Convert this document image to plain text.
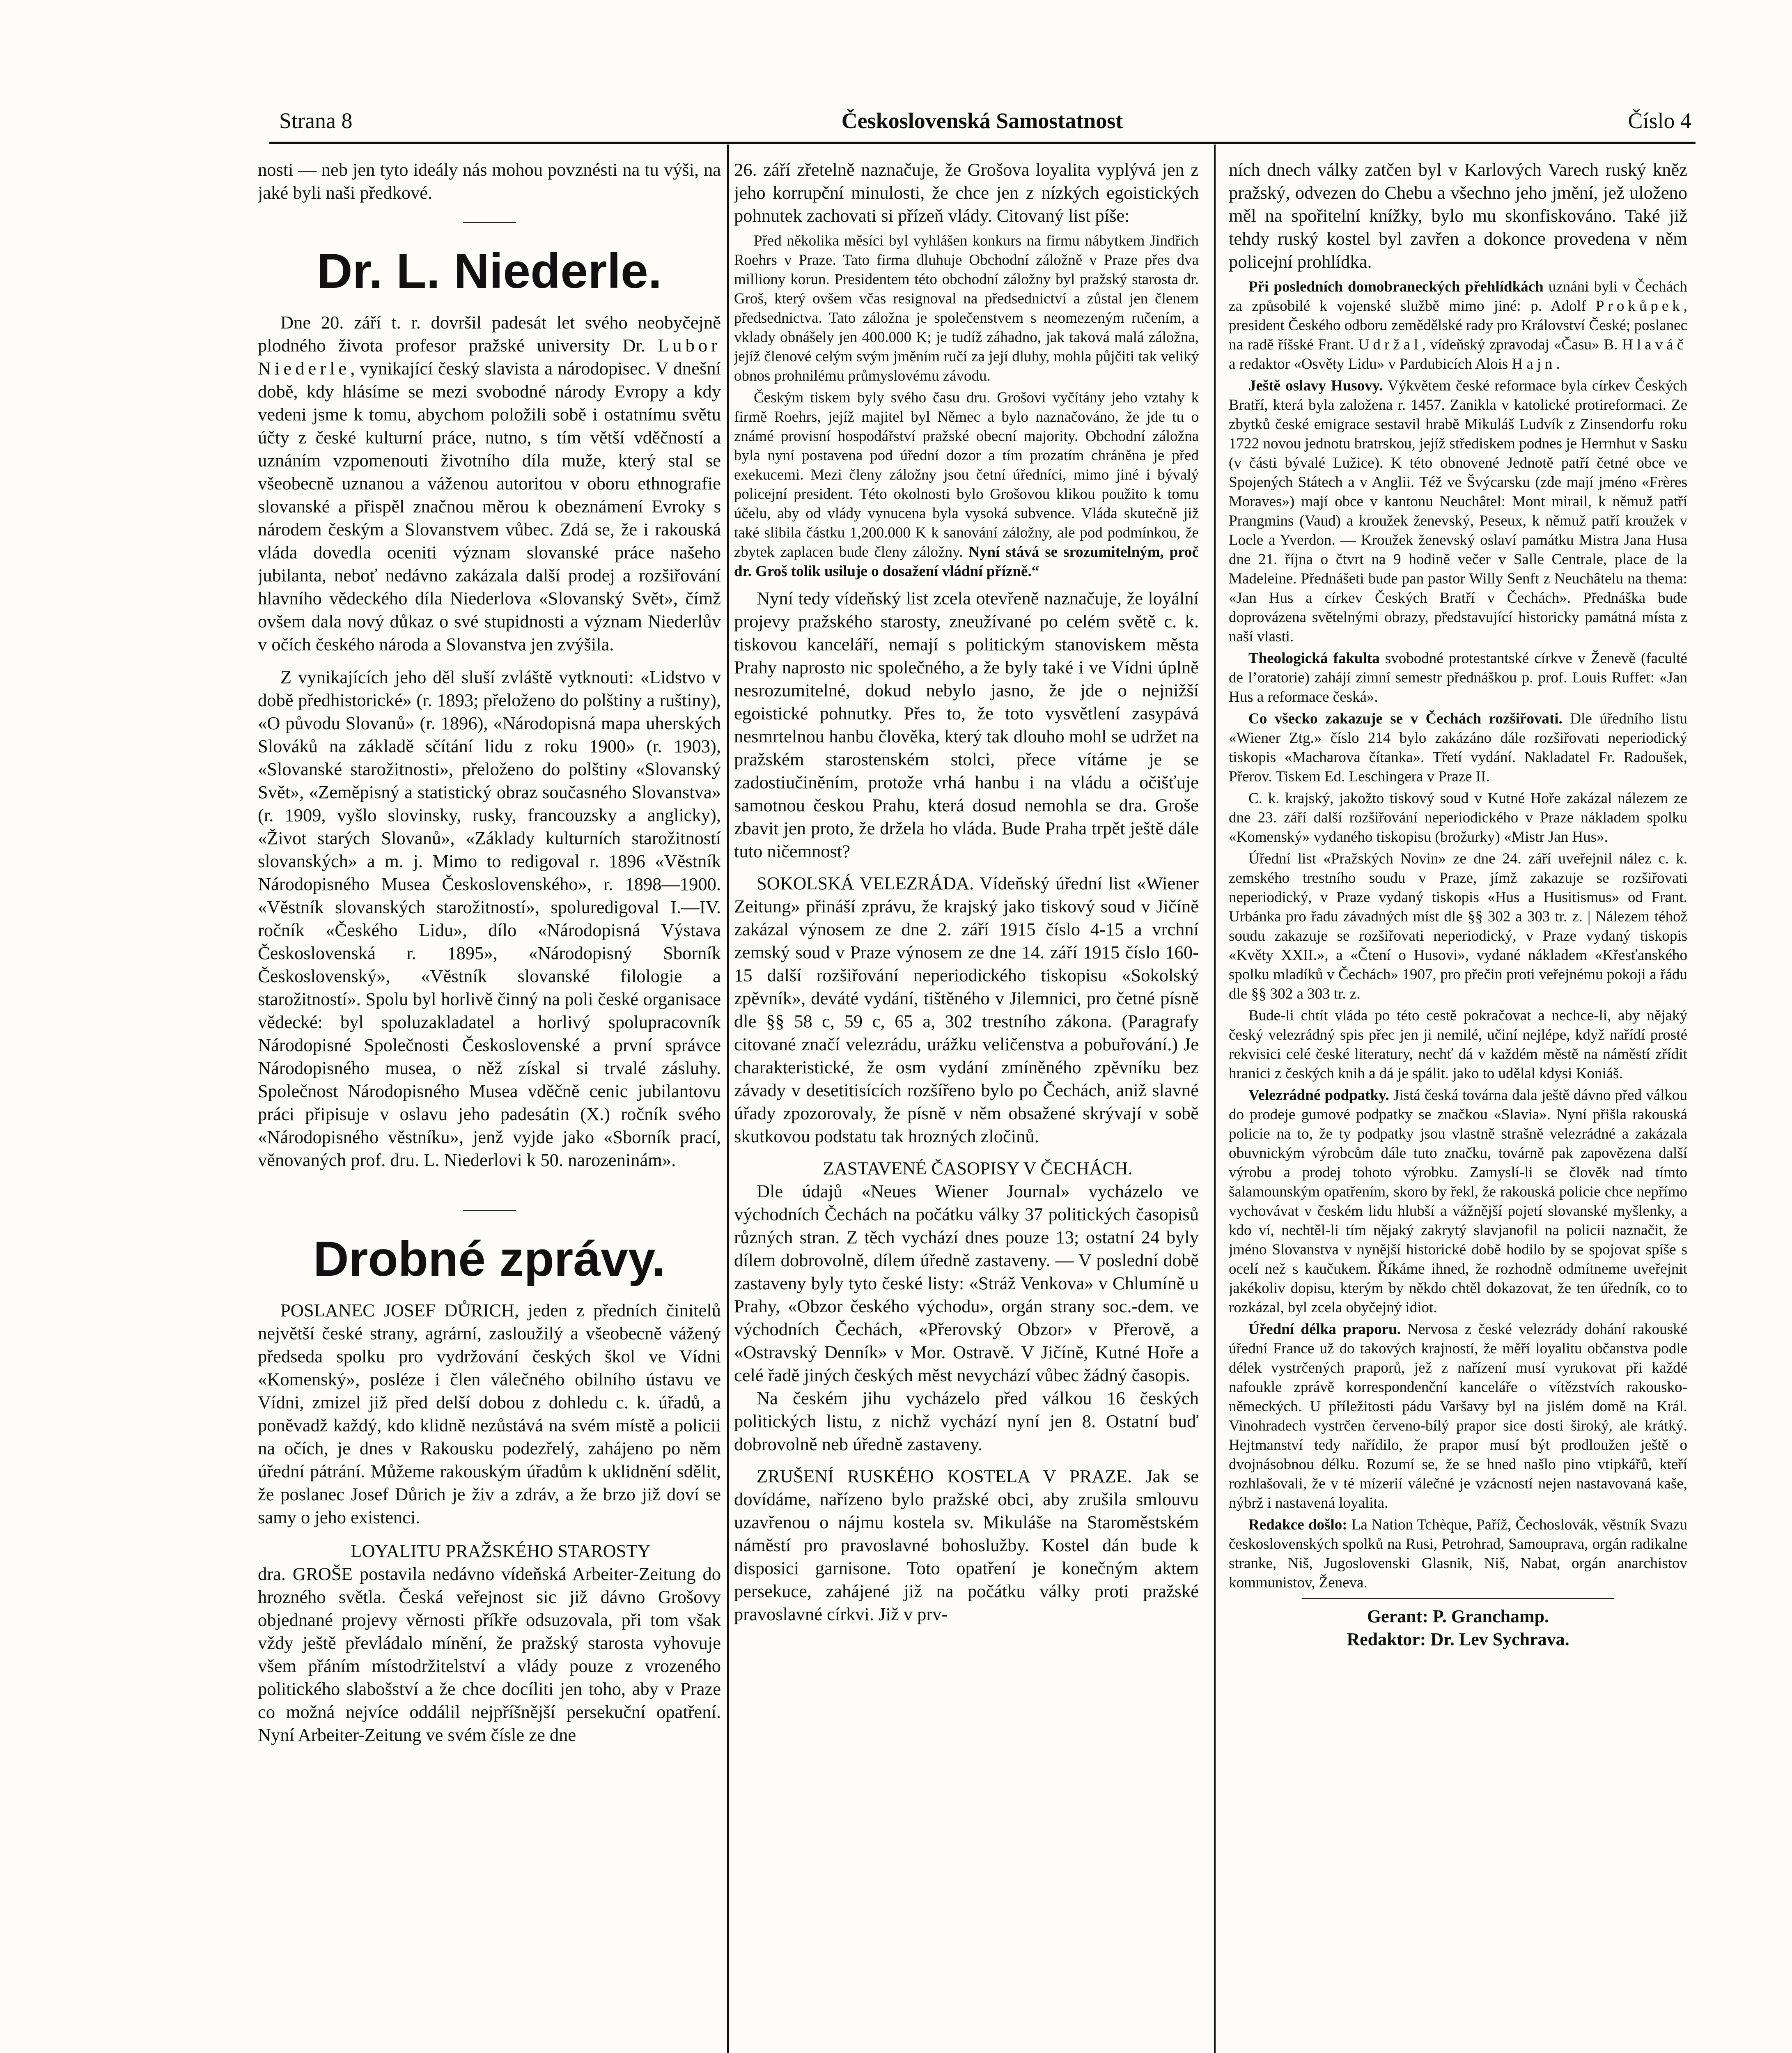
Strana 8	Československá Samostatnost	Číslo 4

nosti — neb jen tyto ideály nás mohou povznésti na tu výši, na jaké byli naši předkové.

Dr. L. Niederle.

Dne 20. září t. r. dovršil padesát let svého neobyčejně plodného života profesor pražské university Dr. Lubor Niederle, vynikající český slavista a národopisec. V dnešní době, kdy hlásíme se mezi svobodné národy Evropy a kdy vedeni jsme k tomu, abychom položili sobě i ostatnímu světu účty z české kulturní práce, nutno, s tím větší vděčností a uznáním vzpomenouti životního díla muže, který stal se všeobecně uznanou a váženou autoritou v oboru ethnografie slovanské a přispěl značnou měrou k obeznámení Evroky s národem českým a Slovanstvem vůbec. Zdá se, že i rakouská vláda dovedla oceniti význam slovanské práce našeho jubilanta, neboť nedávno zakázala další prodej a rozšiřování hlavního vědeckého díla Niederlova «Slovanský Svět», čímž ovšem dala nový důkaz o své stupidnosti a význam Niederlův v očích českého národa a Slovanstva jen zvýšila.

Z vynikajících jeho děl sluší zvláště vytknouti: «Lidstvo v době předhistorické» (r. 1893; přeloženo do polštiny a ruštiny), «O původu Slovanů» (r. 1896), «Národopisná mapa uherských Slováků na základě sčítání lidu z roku 1900» (r. 1903), «Slovanské starožitnosti», přeloženo do polštiny «Slovanský Svět», «Zeměpisný a statistický obraz současného Slovanstva» (r. 1909, vyšlo slovinsky, rusky, francouzsky a anglicky), «Život starých Slovanů», «Základy kulturních starožitností slovanských» a m. j. Mimo to redigoval r. 1896 «Věstník Národopisného Musea Československého», r. 1898—1900. «Věstník slovanských starožitností», spoluredigoval I.—IV. ročník «Českého Lidu», dílo «Národopisná Výstava Československá r. 1895», «Národopisný Sborník Československý», «Věstník slovanské filologie a starožitností». Spolu byl horlivě činný na poli české organisace vědecké: byl spoluzakladatel a horlivý spolupracovník Národopisné Společnosti Československé a první správce Národopisného musea, o něž získal si trvalé zásluhy. Společnost Národopisného Musea vděčně cenic jubilantovu práci připisuje v oslavu jeho padesátin (X.) ročník svého «Národopisného věstníku», jenž vyjde jako «Sborník prací, věnovaných prof. dru. L. Niederlovi k 50. narozeninám».

Drobné zprávy.

POSLANEC JOSEF DŮRICH, jeden z předních činitelů největší české strany, agrární, zasloužilý a všeobecně vážený předseda spolku pro vydržování českých škol ve Vídni «Komenský», posléze i člen válečného obilního ústavu ve Vídni, zmizel již před delší dobou z dohledu c. k. úřadů, a poněvadž každý, kdo klidně nezůstává na svém místě a policii na očích, je dnes v Rakousku podezřelý, zahájeno po něm úřední pátrání. Můžeme rakouským úřadům k uklidnění sdělit, že poslanec Josef Důrich je živ a zdráv, a že brzo již doví se samy o jeho existenci.

LOYALITU PRAŽSKÉHO STAROSTY

dra. GROŠE postavila nedávno vídeňská Arbeiter-Zeitung do hrozného světla. Česká veřejnost sic již dávno Grošovy objednané projevy věrnosti příkře odsuzovala, při tom však vždy ještě převládalo mínění, že pražský starosta vyhovuje všem přáním místodržitelství a vlády pouze z vrozeného politického slabošství a že chce docíliti jen toho, aby v Praze co možná nejvíce oddálil nejpříšnější persekuční opatření. Nyní Arbeiter-Zeitung ve svém čísle ze dne

26. září zřetelně naznačuje, že Grošova loyalita vyplývá jen z jeho korrupční minulosti, že chce jen z nízkých egoistických pohnutek zachovati si přízeň vlády. Citovaný list píše:

Před několika měsíci byl vyhlášen konkurs na firmu nábytkem Jindřich Roehrs v Praze. Tato firma dluhuje Obchodní záložně v Praze přes dva milliony korun. Presidentem této obchodní záložny byl pražský starosta dr. Groš, který ovšem včas resignoval na předsednictví a zůstal jen členem předsednictva. Tato záložna je společenstvem s neomezeným ručením, a vklady obnášely jen 400.000 K; je tudíž záhadno, jak taková malá záložna, jejíž členové celým svým jměním ručí za její dluhy, mohla půjčiti tak veliký obnos prohnilému průmyslovému závodu.

Českým tiskem byly svého času dru. Grošovi vyčítány jeho vztahy k firmě Roehrs, jejíž majitel byl Němec a bylo naznačováno, že jde tu o známé provisní hospodářství pražské obecní majority. Obchodní záložna byla nyní postavena pod úřední dozor a tím prozatím chráněna je před exekucemi. Mezi členy záložny jsou četní úředníci, mimo jiné i bývalý policejní president. Této okolnosti bylo Grošovou klikou použito k tomu účelu, aby od vlády vynucena byla vysoká subvence. Vláda skutečně již také slibila částku 1,200.000 K k sanování záložny, ale pod podmínkou, že zbytek zaplacen bude členy záložny. Nyní stává se srozumitelným, proč dr. Groš tolik usiluje o dosažení vládní přízně.“

Nyní tedy vídeňský list zcela otevřeně naznačuje, že loyální projevy pražského starosty, zneužívané po celém světě c. k. tiskovou kanceláří, nemají s politickým stanoviskem města Prahy naprosto nic společného, a že byly také i ve Vídni úplně nesrozumitelné, dokud nebylo jasno, že jde o nejnižší egoistické pohnutky. Přes to, že toto vysvětlení zasypává nesmrtelnou hanbu člověka, který tak dlouho mohl se udržet na pražském starostenském stolci, přece vítáme je se zadostiučiněním, protože vrhá hanbu i na vládu a očišťuje samotnou českou Prahu, která dosud nemohla se dra. Groše zbavit jen proto, že držela ho vláda. Bude Praha trpět ještě dále tuto ničemnost?

SOKOLSKÁ VELEZRÁDA. Vídeňský úřední list «Wiener Zeitung» přináší zprávu, že krajský jako tiskový soud v Jičíně zakázal výnosem ze dne 2. září 1915 číslo 4-15 a vrchní zemský soud v Praze výnosem ze dne 14. září 1915 číslo 160-15 další rozšiřování neperiodického tiskopisu «Sokolský zpěvník», deváté vydání, tištěného v Jilemnici, pro četné písně dle §§ 58 c, 59 c, 65 a, 302 trestního zákona. (Paragrafy citované značí velezrádu, urážku veličenstva a pobuřování.) Je charakteristické, že osm vydání zmíněného zpěvníku bez závady v desetitisících rozšířeno bylo po Čechách, aniž slavné úřady zpozorovaly, že písně v něm obsažené skrývají v sobě skutkovou podstatu tak hrozných zločinů.

ZASTAVENÉ ČASOPISY V ČECHÁCH.

Dle údajů «Neues Wiener Journal» vycházelo ve východních Čechách na počátku války 37 politických časopisů různých stran. Z těch vychází dnes pouze 13; ostatní 24 byly dílem dobrovolně, dílem úředně zastaveny. — V poslední době zastaveny byly tyto české listy: «Stráž Venkova» v Chlumíně u Prahy, «Obzor českého východu», orgán strany soc.-dem. ve východních Čechách, «Přerovský Obzor» v Přerově, a «Ostravský Denník» v Mor. Ostravě. V Jičíně, Kutné Hoře a celé řadě jiných českých měst nevychází vůbec žádný časopis.

Na českém jihu vycházelo před válkou 16 českých politických listu, z nichž vychází nyní jen 8. Ostatní buď dobrovolně neb úředně zastaveny.

ZRUŠENÍ RUSKÉHO KOSTELA V PRAZE. Jak se dovídáme, nařízeno bylo pražské obci, aby zrušila smlouvu uzavřenou o nájmu kostela sv. Mikuláše na Staroměstském náměstí pro pravoslavné bohoslužby. Kostel dán bude k disposici garnisone. Toto opatření je konečným aktem persekuce, zahájené již na počátku války proti pražské pravoslavné církvi. Již v prv-

ních dnech války zatčen byl v Karlových Varech ruský kněz pražský, odvezen do Chebu a všechno jeho jmění, jež uloženo měl na spořitelní knížky, bylo mu skonfiskováno. Také již tehdy ruský kostel byl zavřen a dokonce provedena v něm policejní prohlídka.

Při posledních domobraneckých přehlídkách uznáni byli v Čechách za způsobilé k vojenské službě mimo jiné: p. Adolf Prokůpek, president Českého odboru zemědělské rady pro Království České; poslanec na radě říšské Frant. Udržal, vídeňský zpravodaj «Času» B. Hlaváč a redaktor «Osvěty Lidu» v Pardubicích Alois Hajn.

Ještě oslavy Husovy. Výkvětem české reformace byla církev Českých Bratří, která byla založena r. 1457. Zanikla v katolické protireformaci. Ze zbytků české emigrace sestavil hrabě Mikuláš Ludvík z Zinsendorfu roku 1722 novou jednotu bratrskou, jejíž střediskem podnes je Herrnhut v Sasku (v části bývalé Lužice). K této obnovené Jednotě patří četné obce ve Spojených Státech a v Anglii. Též ve Švýcarsku (zde mají jméno «Frères Moraves») mají obce v kantonu Neuchâtel: Mont mirail, k němuž patří Prangmins (Vaud) a kroužek ženevský, Peseux, k němuž patří kroužek v Locle a Yverdon. — Kroužek ženevský oslaví památku Mistra Jana Husa dne 21. října o čtvrt na 9 hodině večer v Salle Centrale, place de la Madeleine. Přednášeti bude pan pastor Willy Senft z Neuchâtelu na thema: «Jan Hus a církev Českých Bratří v Čechách». Přednáška bude doprovázena světelnými obrazy, představující historicky památná místa z naší vlasti.

Theologická fakulta svobodné protestantské církve v Ženevě (faculté de l’oratorie) zahájí zimní semestr přednáškou p. prof. Louis Ruffet: «Jan Hus a reformace česká».

Co všecko zakazuje se v Čechách rozšiřovati. Dle úředního listu «Wiener Ztg.» číslo 214 bylo zakázáno dále rozšiřovati neperiodický tiskopis «Macharova čítanka». Třetí vydání. Nakladatel Fr. Radoušek, Přerov. Tiskem Ed. Leschingera v Praze II.

C. k. krajský, jakožto tiskový soud v Kutné Hoře zakázal nálezem ze dne 23. září další rozšiřování neperiodického v Praze nákladem spolku «Komenský» vydaného tiskopisu (brožurky) «Mistr Jan Hus».

Úřední list «Pražských Novin» ze dne 24. září uveřejnil nález c. k. zemského trestního soudu v Praze, jímž zakazuje se rozšiřovati neperiodický, v Praze vydaný tiskopis «Hus a Husitismus» od Frant. Urbánka pro řadu závadných míst dle §§ 302 a 303 tr. z. | Nálezem téhož soudu zakazuje se rozšiřovati neperiodický, v Praze vydaný tiskopis «Květy XXII.», a «Čtení o Husovi», vydané nákladem «Křesťanského spolku mladíků v Čechách» 1907, pro přečin proti veřejnému pokoji a řádu dle §§ 302 a 303 tr. z.

Bude-li chtít vláda po této cestě pokračovat a nechce-li, aby nějaký český velezrádný spis přec jen ji nemilé, učiní nejlépe, když nařídí prosté rekvisici celé české literatury, nechť dá v každém městě na náměstí zřídit hranici z českých knih a dá je spálit. jako to udělal kdysi Koniáš.

Velezrádné podpatky. Jistá česká továrna dala ještě dávno před válkou do prodeje gumové podpatky se značkou «Slavia». Nyní přišla rakouská policie na to, že ty podpatky jsou vlastně strašně velezrádné a zakázala obuvnickým výrobcům dále tuto značku, továrně pak zapovězena další výrobu a prodej tohoto výrobku. Zamyslí-li se člověk nad tímto šalamounským opatřením, skoro by řekl, že rakouská policie chce nepřímo vychovávat v českém lidu hlubší a vážnější pojetí slovanské myšlenky, a kdo ví, nechtěl-li tím nějaký zakrytý slavjanofil na policii naznačit, že jméno Slovanstva v nynější historické době hodilo by se spojovat spíše s ocelí než s kaučukem. Říkáme ihned, že rozhodně odmítneme uveřejnit jakékoliv dopisu, kterým by někdo chtěl dokazovat, že ten úředník, co to rozkázal, byl zcela obyčejný idiot.

Úřední délka praporu. Nervosa z české velezrády dohání rakouské úřední France už do takových krajností, že měří loyalitu občanstva podle délek vystrčených praporů, jež z nařízení musí vyrukovat při každé nafoukle zprávě korrespondenční kanceláře o vítězstvích rakousko-německých. U příležitosti pádu Varšavy byl na jislém domě na Král. Vinohradech vystrčen červeno-bílý prapor sice dosti široký, ale krátký. Hejtmanství tedy nařídilo, že prapor musí být prodloužen ještě o dvojnásobnou délku. Rozumí se, že se hned našlo pino vtipkářů, kteří rozhlašovali, že v té mízerií válečné je vzácností nejen nastavovaná kaše, nýbrž i nastavená loyalita.

Redakce došlo: La Nation Tchèque, Paříž, Čechoslovák, věstník Svazu československých spolků na Rusi, Petrohrad, Samouprava, orgán radikalne stranke, Niš, Jugoslovenski Glasnik, Niš, Nabat, orgán anarchistov kommunistov, Ženeva.

Gerant: P. Granchamp.
Redaktor: Dr. Lev Sychrava.
